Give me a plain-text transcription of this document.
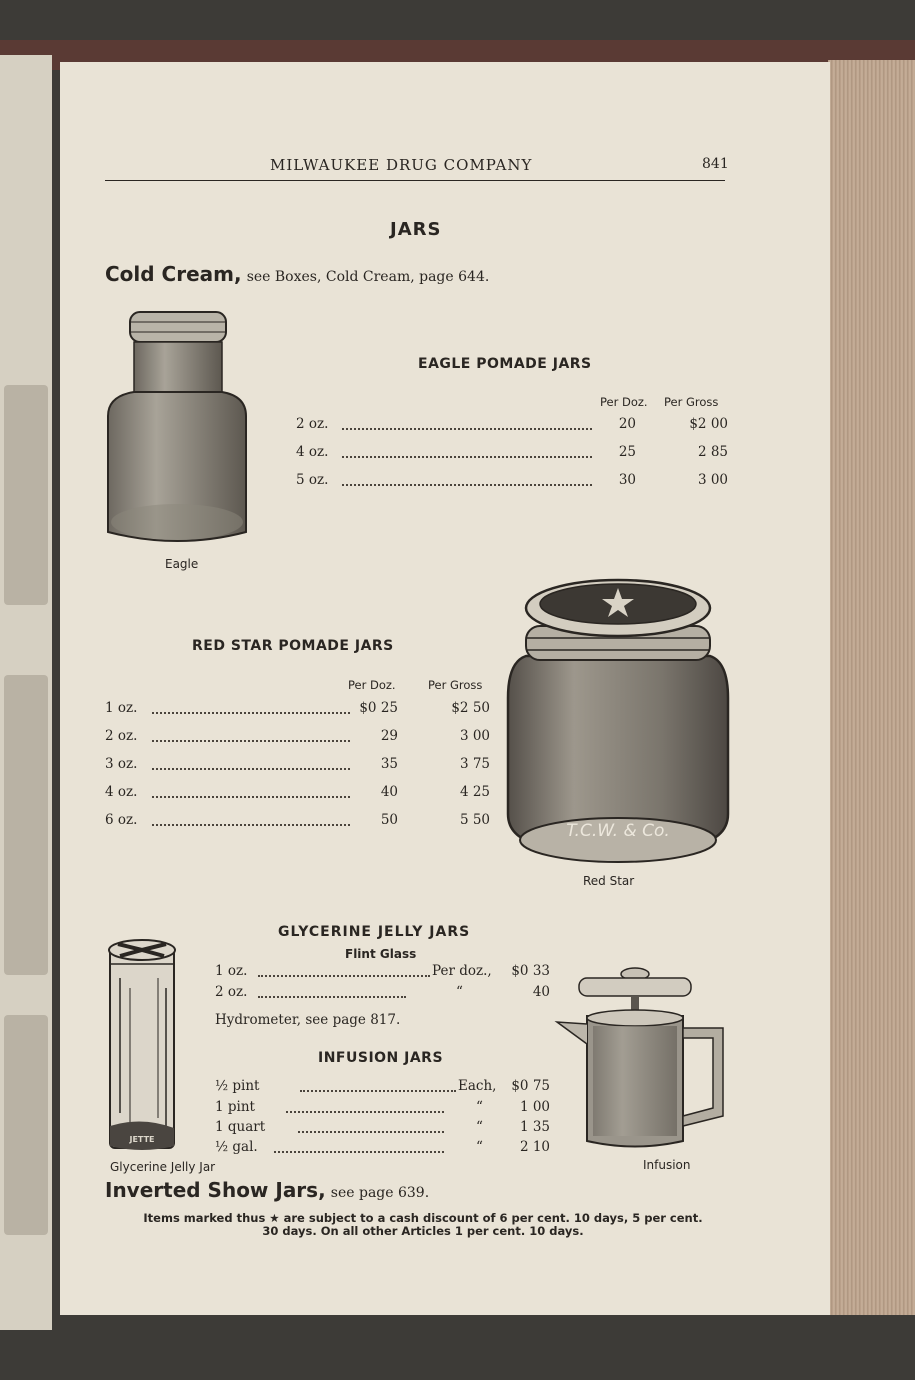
MILWAUKEE DRUG COMPANY	841
JARS
Cold Cream, see Boxes, Cold Cream, page 644.
Eagle
EAGLE POMADE JARS
Per Doz. Per Gross
2 oz.	20	$2 00
4 oz.	25	2 85
5 oz.	30	3 00
RED STAR POMADE JARS
Per Doz.	Per Gross
1 oz.	$0 25	$2 50
2 oz.	29	3 00
3 oz.	35	3 75
4 oz.	40	4 25
6 oz.	50	5 50
T.C.W. & Co.
Red Star
GLYCERINE JELLY JARS
Flint Glass
1 oz.	Per doz.,	$0 33
2 oz.	“	40
Hydrometer, see page 817.
JETTE
Glycerine Jelly Jar
INFUSION JARS
½ pint	Each,	$0 75
1 pint	“	1 00
1 quart	“	1 35
½ gal.	“	2 10
Infusion
Inverted Show Jars, see page 639.
Items marked thus ★ are subject to a cash discount of 6 per cent. 10 days, 5 per cent.
30 days. On all other Articles 1 per cent. 10 days.
